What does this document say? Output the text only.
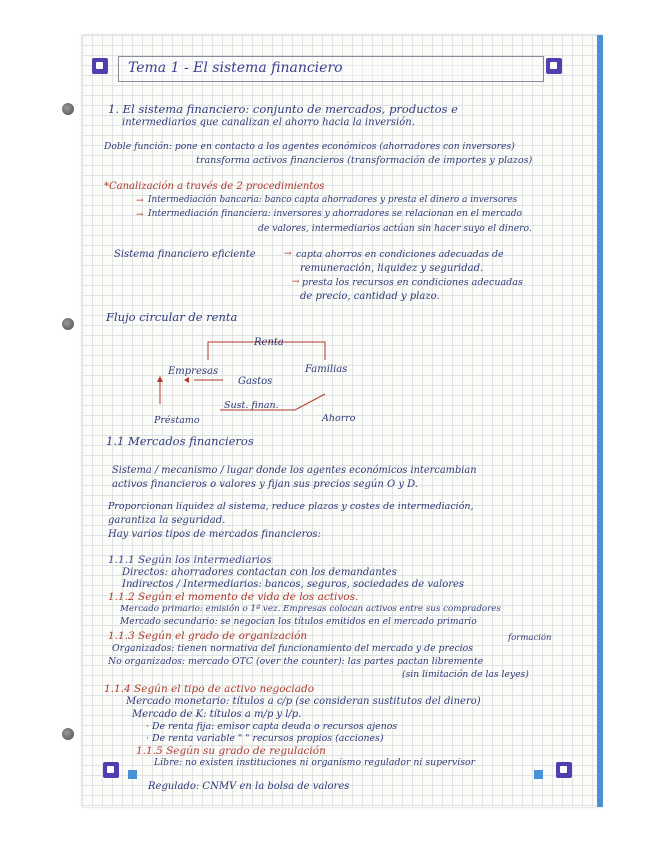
Tema 1 - El sistema financiero
1. El sistema financiero: conjunto de mercados, productos e
intermediarios que canalizan el ahorro hacia la inversión.
Doble función: pone en contacto a los agentes económicos (ahorradores con inversores)
transforma activos financieros (transformación de importes y plazos)
*Canalización a través de 2 procedimientos
→ Intermediación bancaria: banco capta ahorradores y presta el dinero a inversores
→ Intermediación financiera: inversores y ahorradores se relacionan en el mercado
de valores, intermediarios actúan sin hacer suyo el dinero.
Sistema financiero eficiente	→ capta ahorros en condiciones adecuadas de
remuneración, liquidez y seguridad.
→ presta los recursos en condiciones adecuadas
de precio, cantidad y plazo.
Flujo circular de renta
Renta
Empresas	Familias
Gastos
Sust. finan.
Préstamo	Ahorro
1.1 Mercados financieros
Sistema / mecanismo / lugar donde los agentes económicos intercambian
activos financieros o valores y fijan sus precios según O y D.
Proporcionan liquidez al sistema, reduce plazos y costes de intermediación,
garantiza la seguridad.
Hay varios tipos de mercados financieros:
1.1.1 Según los intermediarios
Directos: ahorradores contactan con los demandantes
Indirectos / Intermediarios: bancos, seguros, sociedades de valores
1.1.2 Según el momento de vida de los activos.
Mercado primario: emisión o 1ª vez. Empresas colocan activos entre sus compradores
Mercado secundario: se negocian los títulos emitidos en el mercado primario
1.1.3 Según el grado de organización	formación
Organizados: tienen normativa del funcionamiento del mercado y de precios
No organizados: mercado OTC (over the counter): las partes pactan libremente
(sin limitación de las leyes)
1.1.4 Según el tipo de activo negociado
Mercado monetario: títulos a c/p (se consideran sustitutos del dinero)
Mercado de K: títulos a m/p y l/p.
· De renta fija: emisor capta deuda o recursos ajenos
· De renta variable " " recursos propios (acciones)
1.1.5 Según su grado de regulación
Libre: no existen instituciones ni organismo regulador ni supervisor
Regulado: CNMV en la bolsa de valores
